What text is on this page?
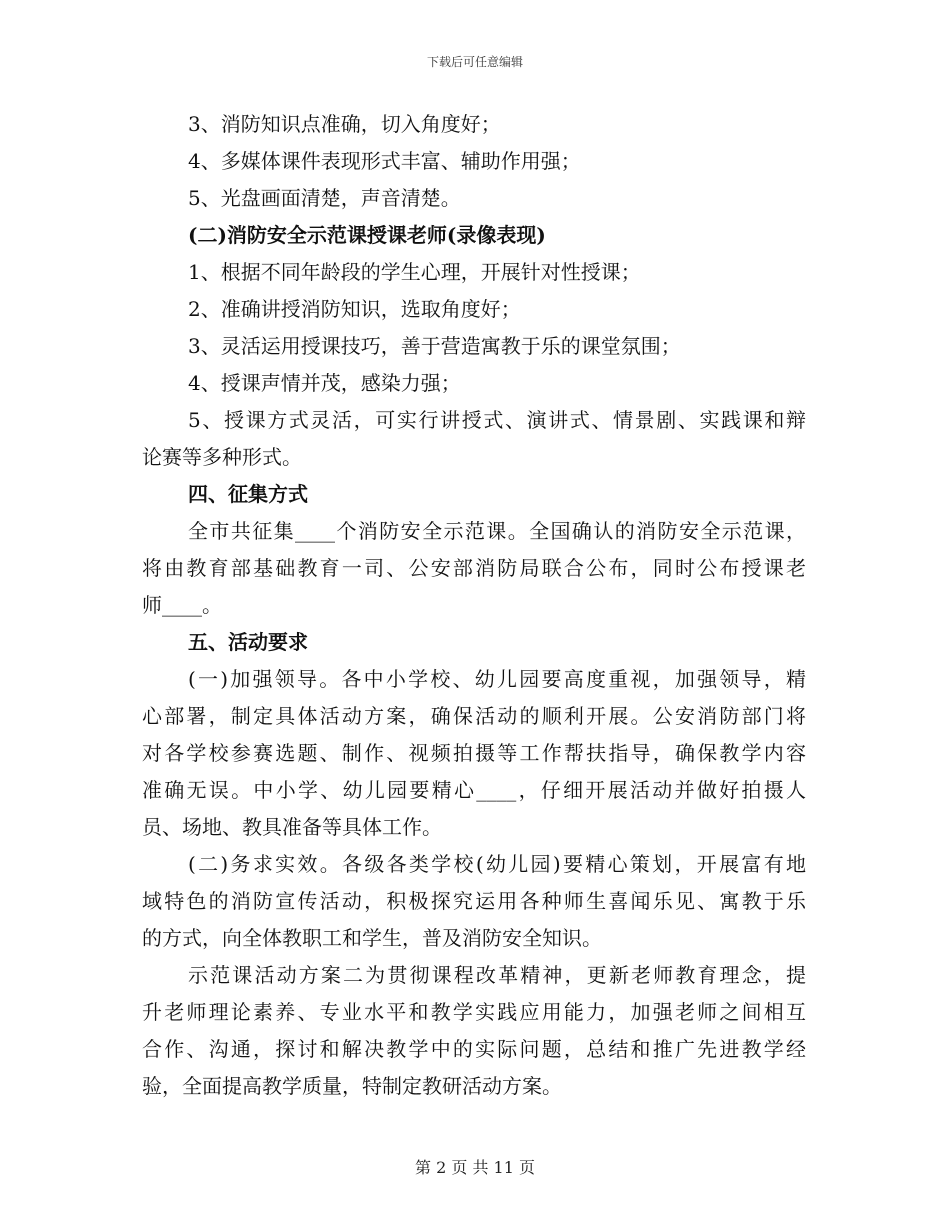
下载后可任意编辑

3、消防知识点准确，切入角度好；

4、多媒体课件表现形式丰富、辅助作用强；

5、光盘画面清楚，声音清楚。

(二)消防安全示范课授课老师(录像表现)

1、根据不同年龄段的学生心理，开展针对性授课；

2、准确讲授消防知识，选取角度好；

3、灵活运用授课技巧，善于营造寓教于乐的课堂氛围；

4、授课声情并茂，感染力强；

5、授课方式灵活，可实行讲授式、演讲式、情景剧、实践课和辩

论赛等多种形式。

四、征集方式

全市共征集____个消防安全示范课。全国确认的消防安全示范课，

将由教育部基础教育一司、公安部消防局联合公布，同时公布授课老

师____。

五、活动要求

(一)加强领导。各中小学校、幼儿园要高度重视，加强领导，精

心部署，制定具体活动方案，确保活动的顺利开展。公安消防部门将

对各学校参赛选题、制作、视频拍摄等工作帮扶指导，确保教学内容

准确无误。中小学、幼儿园要精心____，仔细开展活动并做好拍摄人

员、场地、教具准备等具体工作。

(二)务求实效。各级各类学校(幼儿园)要精心策划，开展富有地

域特色的消防宣传活动，积极探究运用各种师生喜闻乐见、寓教于乐

的方式，向全体教职工和学生，普及消防安全知识。

示范课活动方案二为贯彻课程改革精神，更新老师教育理念，提

升老师理论素养、专业水平和教学实践应用能力，加强老师之间相互

合作、沟通，探讨和解决教学中的实际问题，总结和推广先进教学经

验，全面提高教学质量，特制定教研活动方案。

第 2 页 共 11 页
